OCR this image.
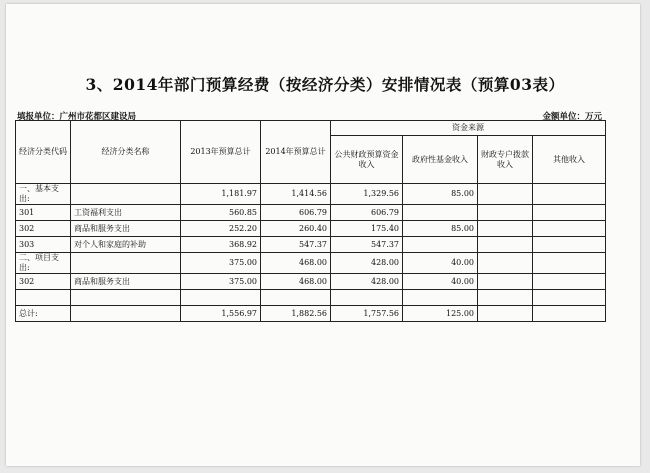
3、2014年部门预算经费（按经济分类）安排情况表（预算03表）
填报单位：广州市花都区建设局	金额单位：万元
经济分类代码	经济分类名称	2013年预算总计	2014年预算总计	资金来源			
				公共财政预算资金收入	政府性基金收入	财政专户拨款收入	其他收入
一、基本支出:		1,181.97	1,414.56	1,329.56	85.00		
301	工资福利支出	560.85	606.79	606.79			
302	商品和服务支出	252.20	260.40	175.40	85.00		
303	对个人和家庭的补助	368.92	547.37	547.37			
二、项目支出:		375.00	468.00	428.00	40.00		
302	商品和服务支出	375.00	468.00	428.00	40.00		

总计:		1,556.97	1,882.56	1,757.56	125.00		
